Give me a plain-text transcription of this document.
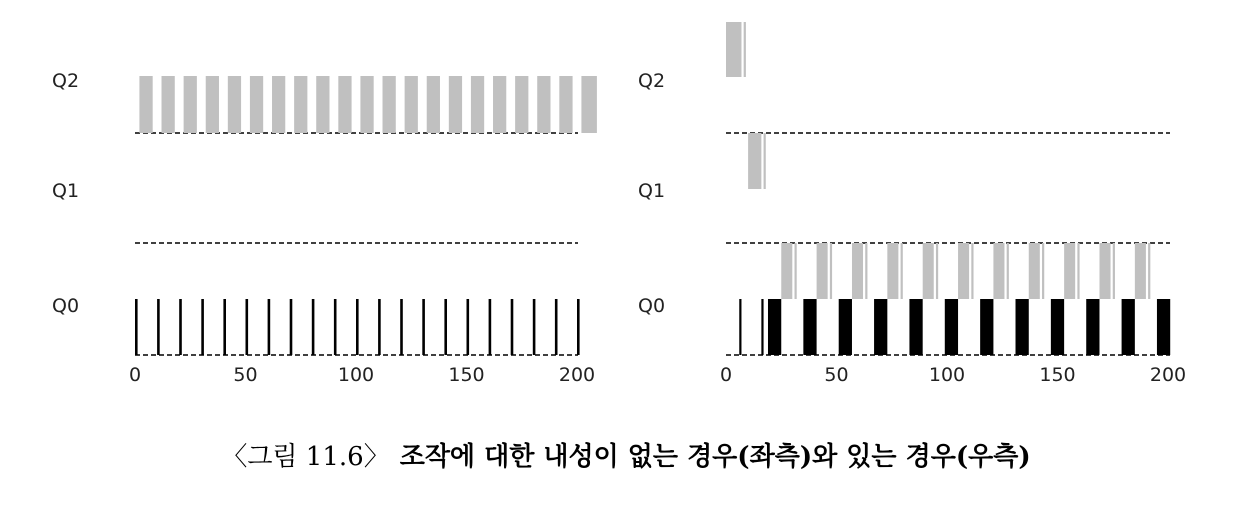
Q2
Q1
Q0
0	50	100	150	200
Q2
Q1
Q0
0	50	100	150	200
〈그림 11.6〉 조작에 대한 내성이 없는 경우(좌측)와 있는 경우(우측)
